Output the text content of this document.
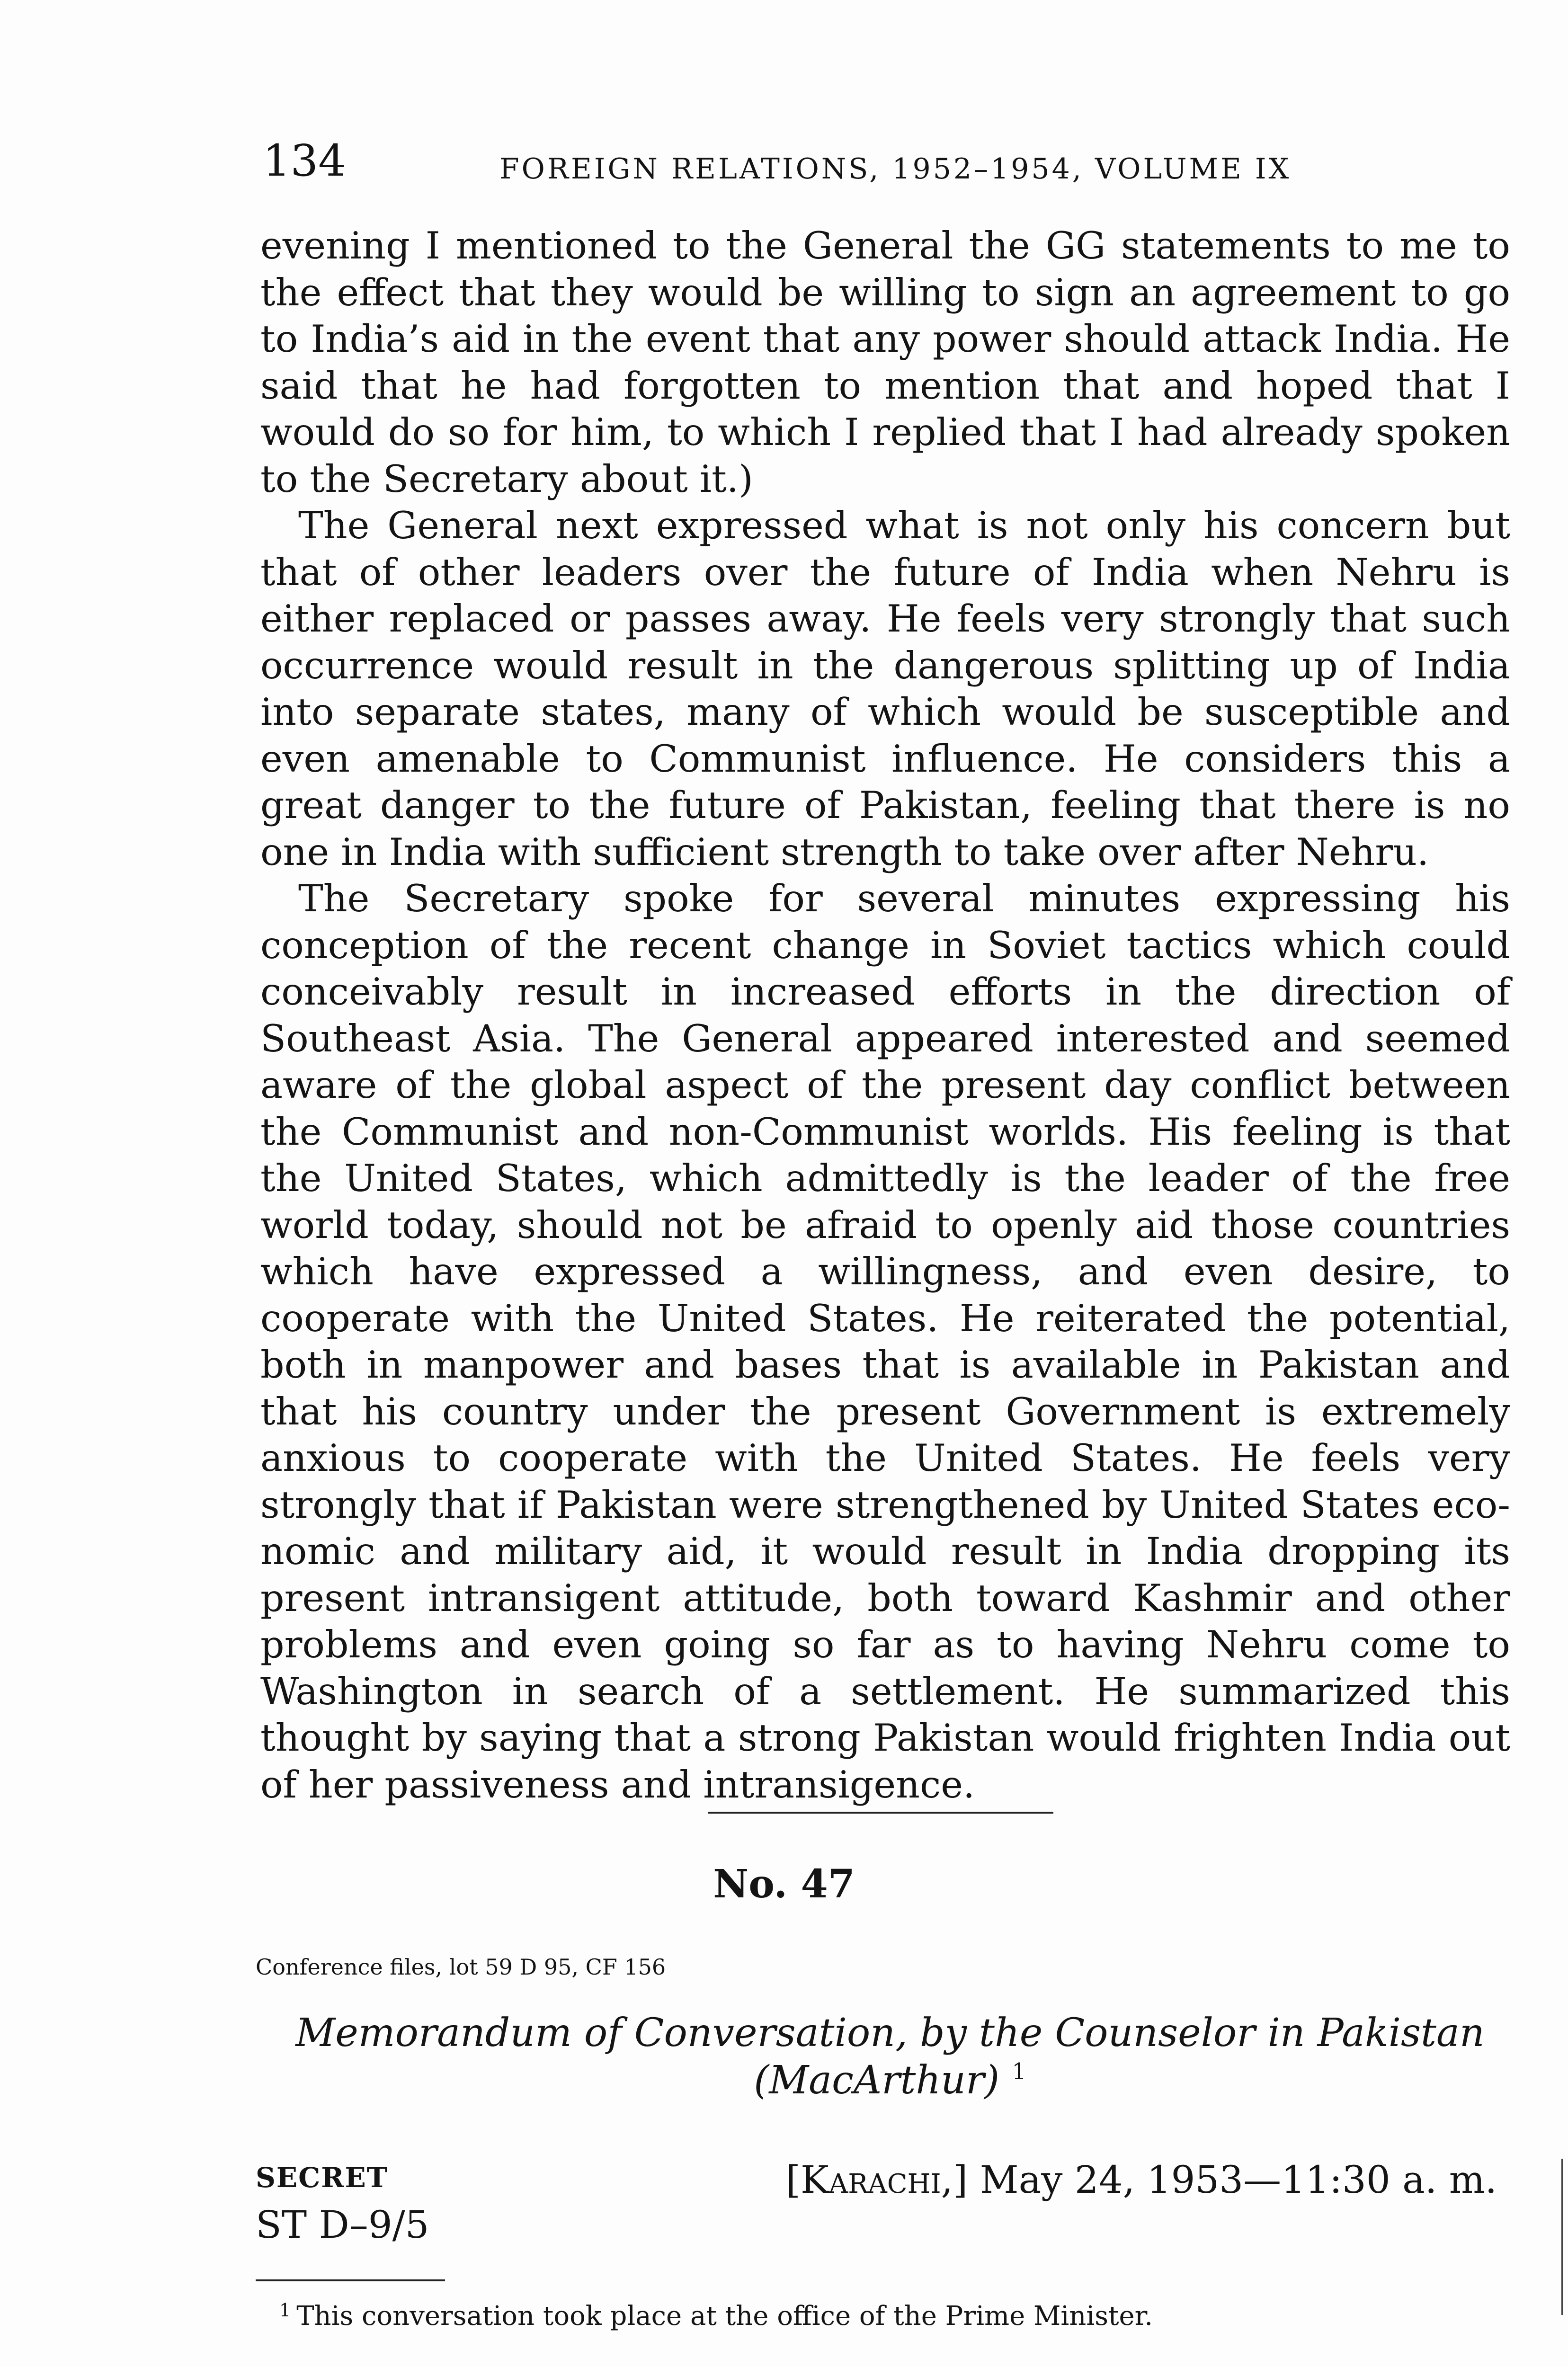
134	FOREIGN RELATIONS, 1952–1954, VOLUME IX

evening I mentioned to the General the GG statements to me to the effect that they would be willing to sign an agreement to go to India’s aid in the event that any power should attack India. He said that he had forgotten to mention that and hoped that I would do so for him, to which I replied that I had already spoken to the Secretary about it.)

The General next expressed what is not only his concern but that of other leaders over the future of India when Nehru is either replaced or passes away. He feels very strongly that such occurrence would result in the dangerous splitting up of India into separate states, many of which would be susceptible and even amenable to Communist influence. He considers this a great danger to the future of Pakistan, feeling that there is no one in India with sufficient strength to take over after Nehru.

The Secretary spoke for several minutes expressing his conception of the recent change in Soviet tactics which could conceivably result in increased efforts in the direction of Southeast Asia. The General appeared interested and seemed aware of the global aspect of the present day conflict between the Communist and non-Communist worlds. His feeling is that the United States, which admittedly is the leader of the free world today, should not be afraid to openly aid those countries which have expressed a willingness, and even desire, to cooperate with the United States. He reiterated the potential, both in manpower and bases that is available in Pakistan and that his country under the present Government is extremely anxious to cooperate with the United States. He feels very strongly that if Pakistan were strengthened by United States economic and military aid, it would result in India dropping its present intransigent attitude, both toward Kashmir and other problems and even going so far as to having Nehru come to Washington in search of a settlement. He summarized this thought by saying that a strong Pakistan would frighten India out of her passiveness and intransigence.

No. 47
Conference files, lot 59 D 95, CF 156
Memorandum of Conversation, by the Counselor in Pakistan
(MacArthur) $^1$
SECRET
ST D–9/5
[Karachi,] May 24, 1953—11:30 a. m.
$^1$ This conversation took place at the office of the Prime Minister.
